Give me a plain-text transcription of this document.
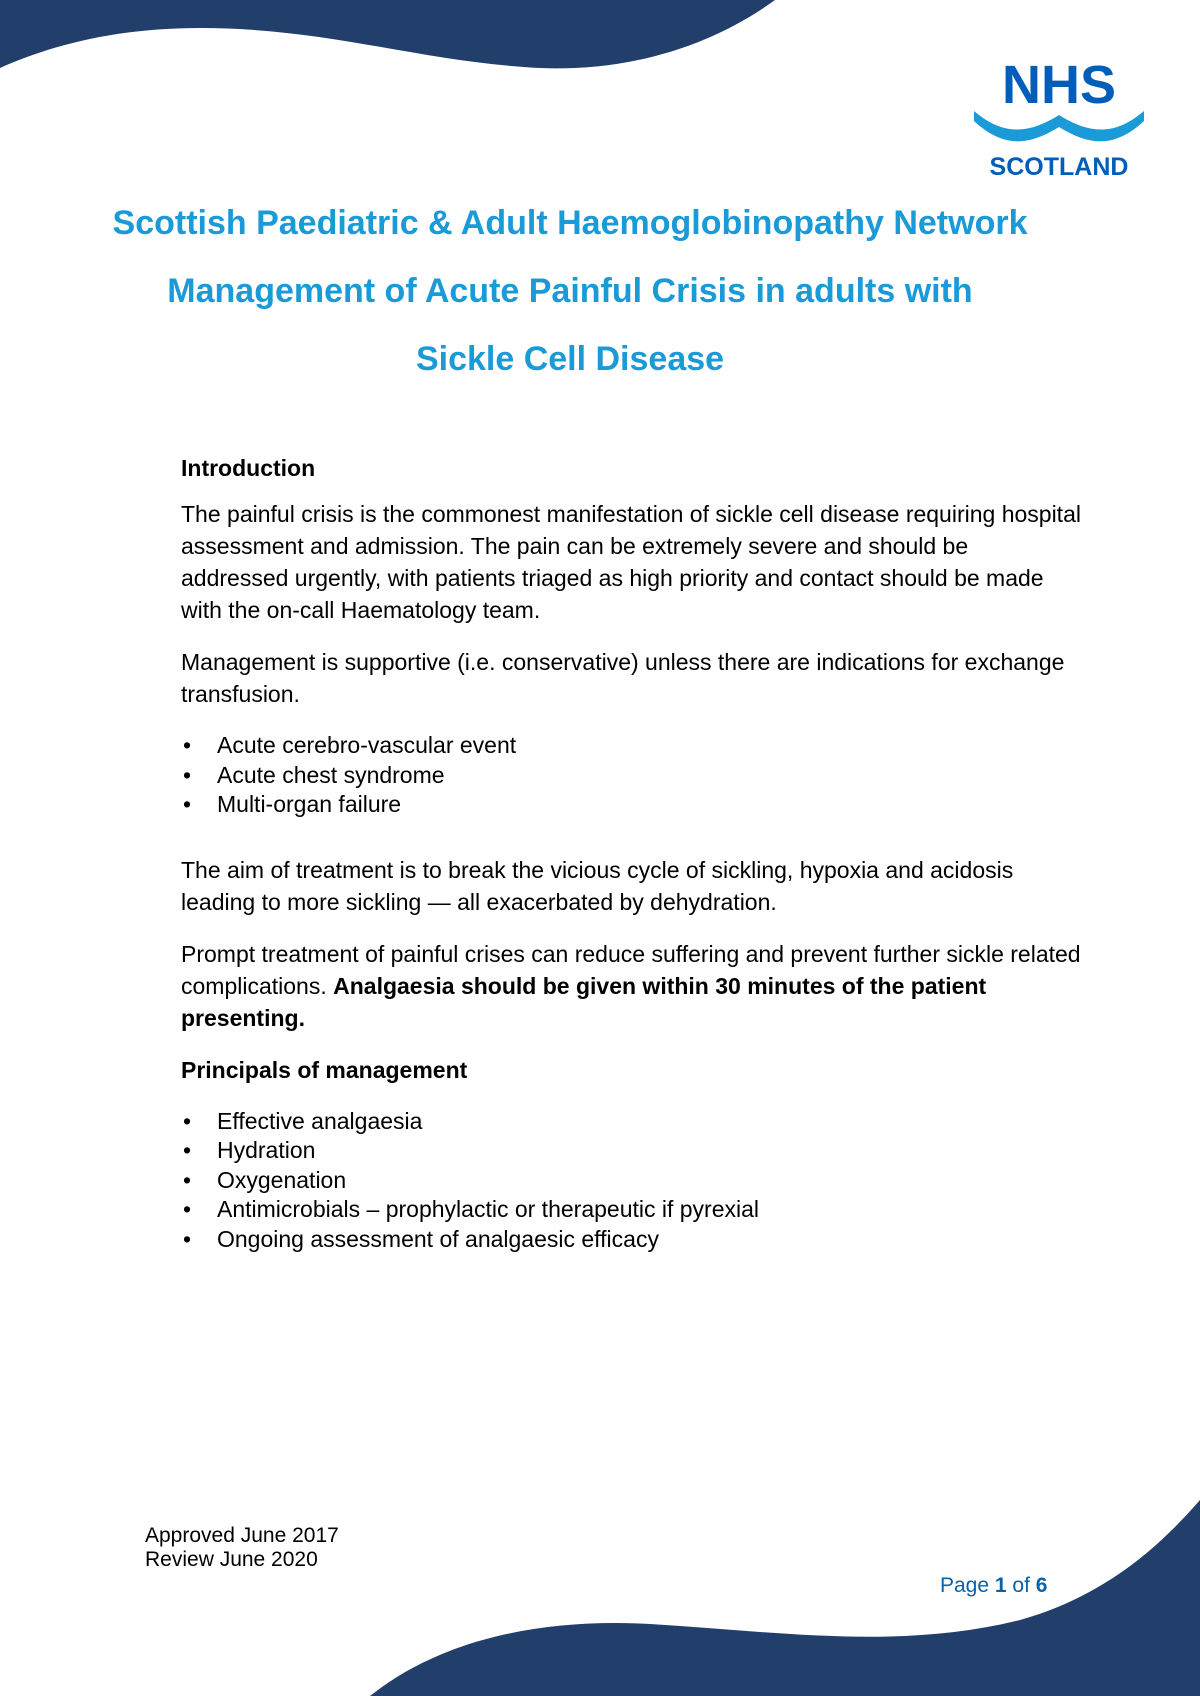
NHS
SCOTLAND
Scottish Paediatric & Adult Haemoglobinopathy Network
Management of Acute Painful Crisis in adults with
Sickle Cell Disease

Introduction

The painful crisis is the commonest manifestation of sickle cell disease requiring hospital assessment and admission. The pain can be extremely severe and should be addressed urgently, with patients triaged as high priority and contact should be made with the on-call Haematology team.

Management is supportive (i.e. conservative) unless there are indications for exchange transfusion.

• Acute cerebro-vascular event
• Acute chest syndrome
• Multi-organ failure

The aim of treatment is to break the vicious cycle of sickling, hypoxia and acidosis leading to more sickling — all exacerbated by dehydration.

Prompt treatment of painful crises can reduce suffering and prevent further sickle related complications. Analgaesia should be given within 30 minutes of the patient presenting.

Principals of management

• Effective analgaesia
• Hydration
• Oxygenation
• Antimicrobials – prophylactic or therapeutic if pyrexial
• Ongoing assessment of analgaesic efficacy
Approved June 2017
Review June 2020
Page 1 of 6
